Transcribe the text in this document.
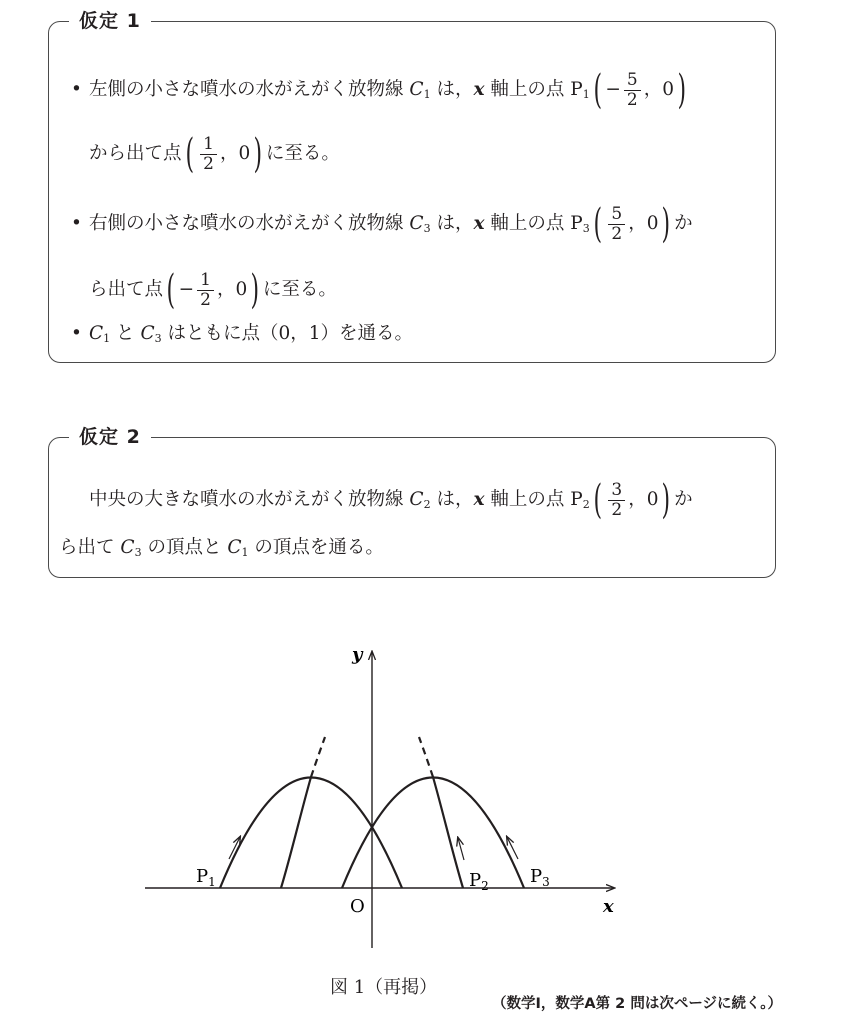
仮定 1
• 左側の小さな噴水の水がえがく放物線 $C_1$ は，x 軸上の点 $P_1( - \frac{5}{2}$ ，0)
から出て点( $\frac{1}{2}$ ，0) に至る。
• 右側の小さな噴水の水がえがく放物線 $C_3$ は，x 軸上の点 $P_3( \frac{5}{2}$ ，0) か
ら出て点( − $\frac{1}{2}$ ，0) に至る。
• $C_1$ と $C_3$ はともに点（0，1）を通る。
仮定 2
中央の大きな噴水の水がえがく放物線 $C_2$ は，x 軸上の点 $P_2( \frac{3}{2}$ ，0) か
ら出て $C_3$ の頂点と $C_1$ の頂点を通る。
y
x
O
$P_1$	$P_2$ $P_3$
図 1（再掲）
（数学Ⅰ，数学A第 2 問は次ページに続く。）
